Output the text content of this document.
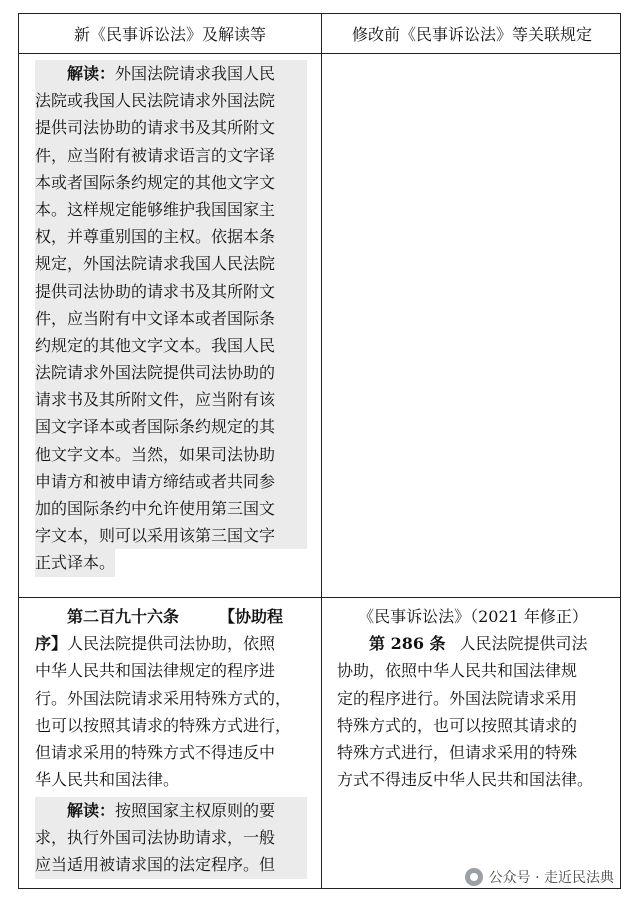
新《民事诉讼法》及解读等	修改前《民事诉讼法》等关联规定
解读：外国法院请求我国人民
法院或我国人民法院请求外国法院
提供司法协助的请求书及其所附文
件，应当附有被请求语言的文字译
本或者国际条约规定的其他文字文
本。这样规定能够维护我国国家主
权，并尊重别国的主权。依据本条
规定，外国法院请求我国人民法院
提供司法协助的请求书及其所附文
件，应当附有中文译本或者国际条
约规定的其他文字文本。我国人民
法院请求外国法院提供司法协助的
请求书及其所附文件，应当附有该
国文字译本或者国际条约规定的其
他文字文本。当然，如果司法协助
申请方和被申请方缔结或者共同参
加的国际条约中允许使用第三国文
字文本，则可以采用该第三国文字
正式译本。
第二百九十六条	【协助程
序】人民法院提供司法协助，依照
中华人民共和国法律规定的程序进
行。外国法院请求采用特殊方式的，
也可以按照其请求的特殊方式进行，
但请求采用的特殊方式不得违反中
华人民共和国法律。
解读：按照国家主权原则的要
求，执行外国司法协助请求，一般
应当适用被请求国的法定程序。但
《民事诉讼法》（2021 年修正）
第 286 条 人民法院提供司法
协助，依照中华人民共和国法律规
定的程序进行。外国法院请求采用
特殊方式的，也可以按照其请求的
特殊方式进行，但请求采用的特殊
方式不得违反中华人民共和国法律。
公众号 · 走近民法典
